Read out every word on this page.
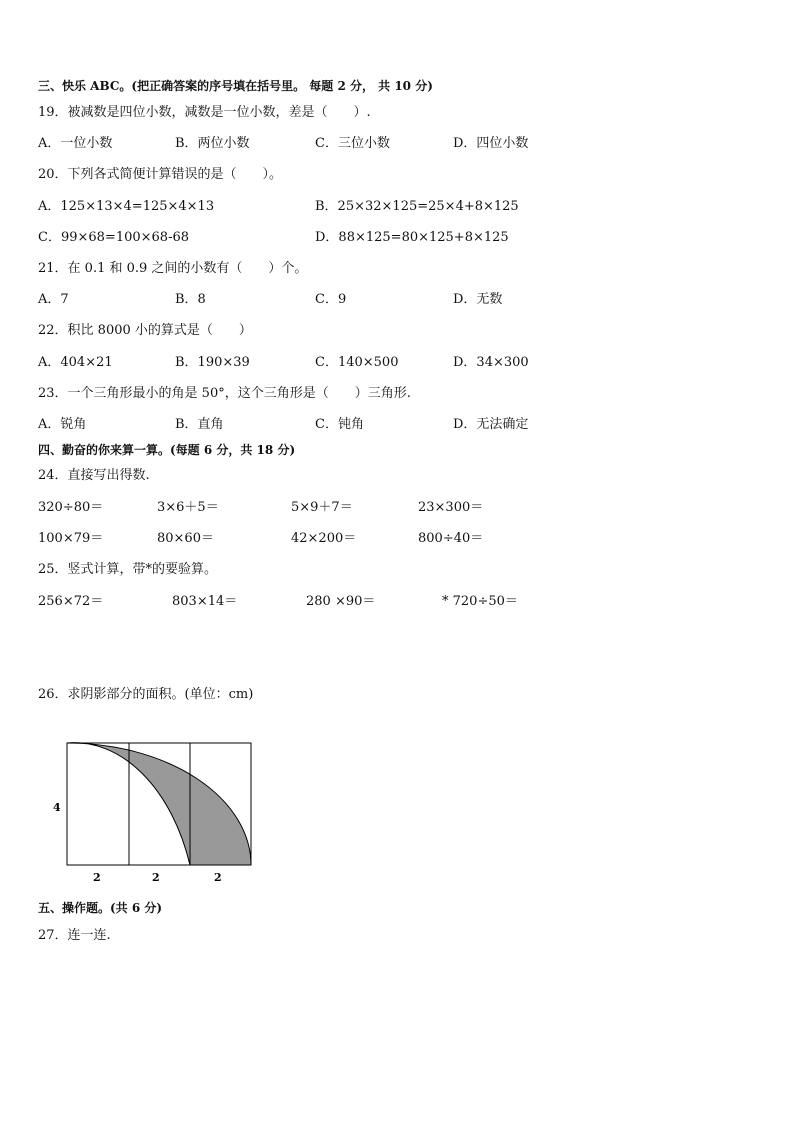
三、快乐 ABC。(把正确答案的序号填在括号里。 每题 2 分， 共 10 分)
19．被减数是四位小数，减数是一位小数，差是（　　）.
A．一位小数	B．两位小数	C．三位小数	D．四位小数
20．下列各式简便计算错误的是（　　）。
A．125×13×4=125×4×13	B．25×32×125=25×4+8×125
C．99×68=100×68-68	D．88×125=80×125+8×125
21．在 0.1 和 0.9 之间的小数有（　　）个。
A．7	B．8	C．9	D．无数
22．积比 8000 小的算式是（　　）
A．404×21	B．190×39	C．140×500	D．34×300
23．一个三角形最小的角是 50°，这个三角形是（　　）三角形.
A．锐角	B．直角	C．钝角	D．无法确定
四、勤奋的你来算一算。(每题 6 分，共 18 分)
24．直接写出得数.
320÷80＝	3×6＋5＝	5×9＋7＝	23×300＝
100×79＝	80×60＝	42×200＝	800÷40＝
25．竖式计算，带*的要验算。
256×72＝	803×14＝	280 ×90＝	* 720÷50＝
26．求阴影部分的面积。(单位：cm)
4
2	2	2
五、操作题。(共 6 分)
27．连一连.
